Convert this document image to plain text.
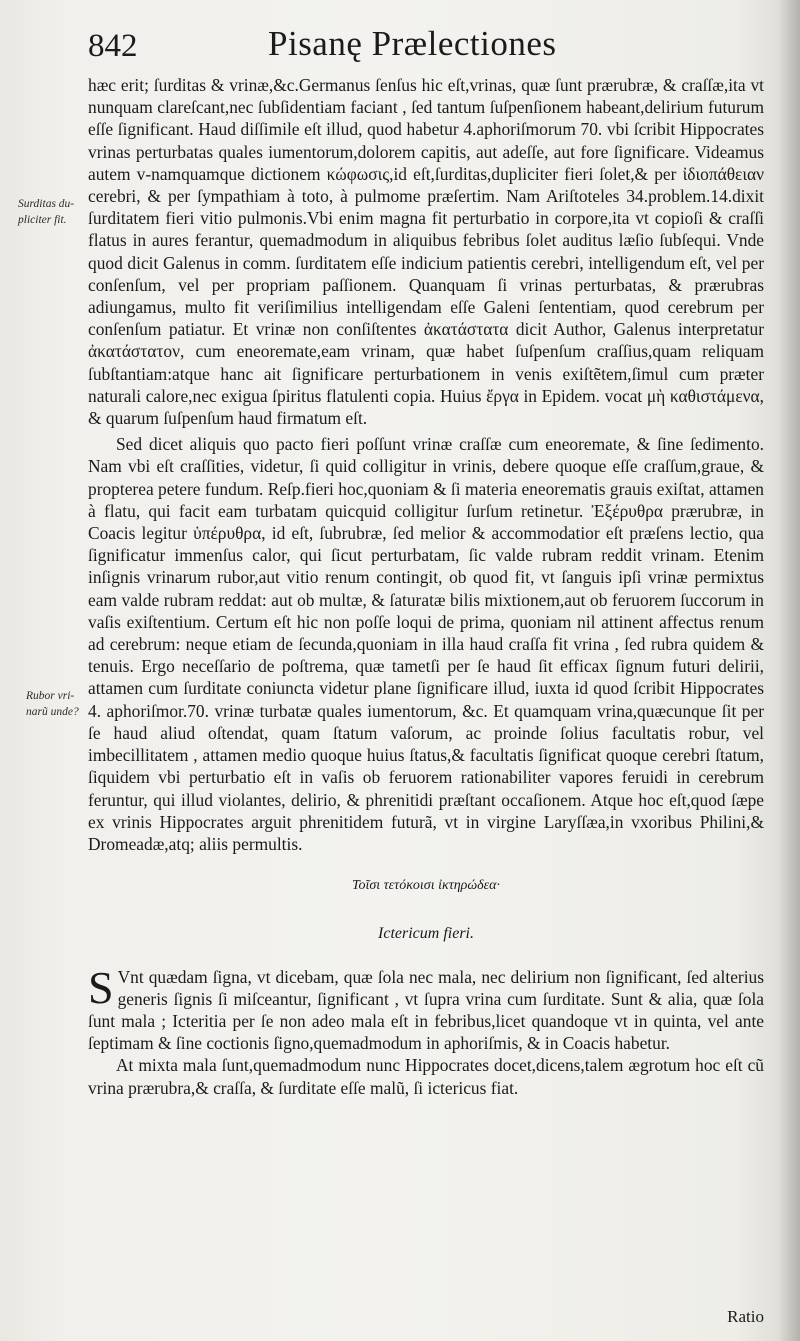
842	Pisanę Prælectiones
Surditas du-pliciter fit.
Rubor vri-narũ unde?

hæc erit; ſurditas & vrinæ,&c.Germanus ſenſus hic eſt,vrinas, quæ ſunt prærubræ, & craſſæ,ita vt nunquam clareſcant,nec ſubſidentiam faciant , ſed tantum ſuſpenſionem habeant,delirium futurum eſſe ſignificant. Haud diſſimile eſt illud, quod habetur 4.aphoriſmorum 70. vbi ſcribit Hippocrates vrinas perturbatas quales iumentorum,dolorem capitis, aut adeſſe, aut fore ſignificare. Videamus autem v-namquamque dictionem κώφωσις,id eſt,ſurditas,dupliciter fieri ſolet,& per ἰδιοπάθειαν cerebri, & per ſympathiam à toto, à pulmome præſertim. Nam Ariſtoteles 34.problem.14.dixit ſurditatem fieri vitio pulmonis.Vbi enim magna fit perturbatio in corpore,ita vt copioſi & craſſi flatus in aures ferantur, quemadmodum in aliquibus febribus ſolet auditus læſio ſubſequi. Vnde quod dicit Galenus in comm. ſurditatem eſſe indicium patientis cerebri, intelligendum eſt, vel per conſenſum, vel per propriam paſſionem. Quanquam ſi vrinas perturbatas, & prærubras adiungamus, multo fit veriſimilius intelligendam eſſe Galeni ſententiam, quod cerebrum per conſenſum patiatur. Et vrinæ non conſiſtentes ἀκατάστατα dicit Author, Galenus interpretatur ἀκατάστατον, cum eneoremate,eam vrinam, quæ habet ſuſpenſum craſſius,quam reliquam ſubſtantiam:atque hanc ait ſignificare perturbationem in venis exiſtẽtem,ſimul cum præter naturali calore,nec exigua ſpiritus flatulenti copia. Huius ἔργα in Epidem. vocat μὴ καθιστάμενα, & quarum ſuſpenſum haud firmatum eſt.

Sed dicet aliquis quo pacto fieri poſſunt vrinæ craſſæ cum eneoremate, & ſine ſedimento. Nam vbi eſt craſſities, videtur, ſi quid colligitur in vrinis, debere quoque eſſe craſſum,graue, & propterea petere fundum. Reſp.fieri hoc,quoniam & ſi materia eneorematis grauis exiſtat, attamen à flatu, qui facit eam turbatam quicquid colligitur ſurſum retinetur. Ἐξέρυθρα prærubræ, in Coacis legitur ὑπέρυθρα, id eſt, ſubrubræ, ſed melior & accommodatior eſt præſens lectio, qua ſignificatur immenſus calor, qui ſicut perturbatam, ſic valde rubram reddit vrinam. Etenim inſignis vrinarum rubor,aut vitio renum contingit, ob quod fit, vt ſanguis ipſi vrinæ permixtus eam valde rubram reddat: aut ob multæ, & ſaturatæ bilis mixtionem,aut ob feruorem ſuccorum in vaſis exiſtentium. Certum eſt hic non poſſe loqui de prima, quoniam nil attinent affectus renum ad cerebrum: neque etiam de ſecunda,quoniam in illa haud craſſa fit vrina , ſed rubra quidem & tenuis. Ergo neceſſario de poſtrema, quæ tametſi per ſe haud ſit efficax ſignum futuri delirii, attamen cum ſurditate coniuncta videtur plane ſignificare illud, iuxta id quod ſcribit Hippocrates 4. aphoriſmor.70. vrinæ turbatæ quales iumentorum, &c. Et quamquam vrina,quæcunque ſit per ſe haud aliud oſtendat, quam ſtatum vaſorum, ac proinde ſolius facultatis robur, vel imbecillitatem , attamen medio quoque huius ſtatus,& facultatis ſignificat quoque cerebri ſtatum, ſiquidem vbi perturbatio eſt in vaſis ob feruorem rationabiliter vapores feruidi in cerebrum feruntur, qui illud violantes, delirio, & phrenitidi præſtant occaſionem. Atque hoc eſt,quod ſæpe ex vrinis Hippocrates arguit phrenitidem futurã, vt in virgine Laryſſæa,in vxoribus Philini,& Dromeadæ,atq; aliis permultis.

Τοῖσι τετόκοισι ἰκτηρώδεα·

Ictericum fieri.

S Vnt quædam ſigna, vt dicebam, quæ ſola nec mala, nec delirium non ſignificant, ſed alterius generis ſignis ſi miſceantur, ſignificant , vt ſupra vrina cum ſurditate. Sunt & alia, quæ ſola ſunt mala ; Icteritia per ſe non adeo mala eſt in febribus,licet quandoque vt in quinta, vel ante ſeptimam & ſine coctionis ſigno,quemadmodum in aphoriſmis, & in Coacis habetur.

At mixta mala ſunt,quemadmodum nunc Hippocrates docet,dicens,talem ægrotum hoc eſt cũ vrina prærubra,& craſſa, & ſurditate eſſe malũ, ſi ictericus fiat.

Ratio
